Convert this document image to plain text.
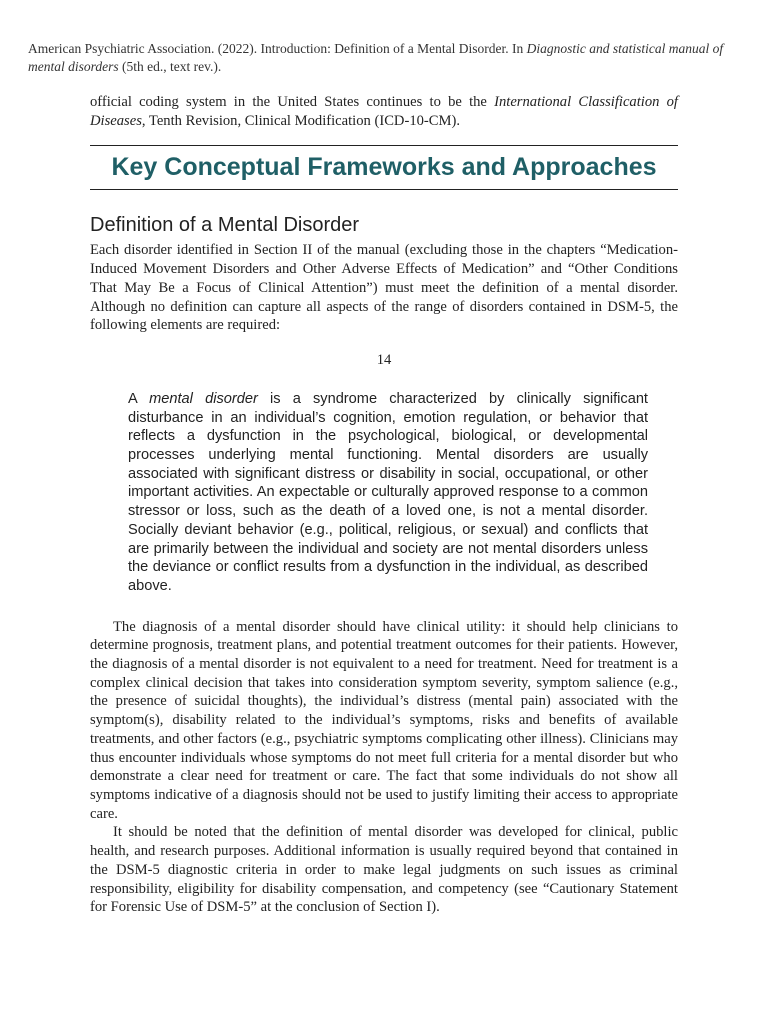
American Psychiatric Association. (2022). Introduction: Definition of a Mental Disorder. In Diagnostic and statistical manual of mental disorders (5th ed., text rev.).

official coding system in the United States continues to be the International Classification of Diseases, Tenth Revision, Clinical Modification (ICD-10-CM).

Key Conceptual Frameworks and Approaches
Definition of a Mental Disorder

Each disorder identified in Section II of the manual (excluding those in the chapters “Medication-Induced Movement Disorders and Other Adverse Effects of Medication” and “Other Conditions That May Be a Focus of Clinical Attention”) must meet the definition of a mental disorder. Although no definition can capture all aspects of the range of disorders contained in DSM-5, the following elements are required:

14

A mental disorder is a syndrome characterized by clinically significant disturbance in an individual’s cognition, emotion regulation, or behavior that reflects a dysfunction in the psychological, biological, or developmental processes underlying mental functioning. Mental disorders are usually associated with significant distress or disability in social, occupational, or other important activities. An expectable or culturally approved response to a common stressor or loss, such as the death of a loved one, is not a mental disorder. Socially deviant behavior (e.g., political, religious, or sexual) and conflicts that are primarily between the individual and society are not mental disorders unless the deviance or conflict results from a dysfunction in the individual, as described above.

The diagnosis of a mental disorder should have clinical utility: it should help clinicians to determine prognosis, treatment plans, and potential treatment outcomes for their patients. However, the diagnosis of a mental disorder is not equivalent to a need for treatment. Need for treatment is a complex clinical decision that takes into consideration symptom severity, symptom salience (e.g., the presence of suicidal thoughts), the individual’s distress (mental pain) associated with the symptom(s), disability related to the individual’s symptoms, risks and benefits of available treatments, and other factors (e.g., psychiatric symptoms complicating other illness). Clinicians may thus encounter individuals whose symptoms do not meet full criteria for a mental disorder but who demonstrate a clear need for treatment or care. The fact that some individuals do not show all symptoms indicative of a diagnosis should not be used to justify limiting their access to appropriate care.

It should be noted that the definition of mental disorder was developed for clinical, public health, and research purposes. Additional information is usually required beyond that contained in the DSM-5 diagnostic criteria in order to make legal judgments on such issues as criminal responsibility, eligibility for disability compensation, and competency (see “Cautionary Statement for Forensic Use of DSM-5” at the conclusion of Section I).
